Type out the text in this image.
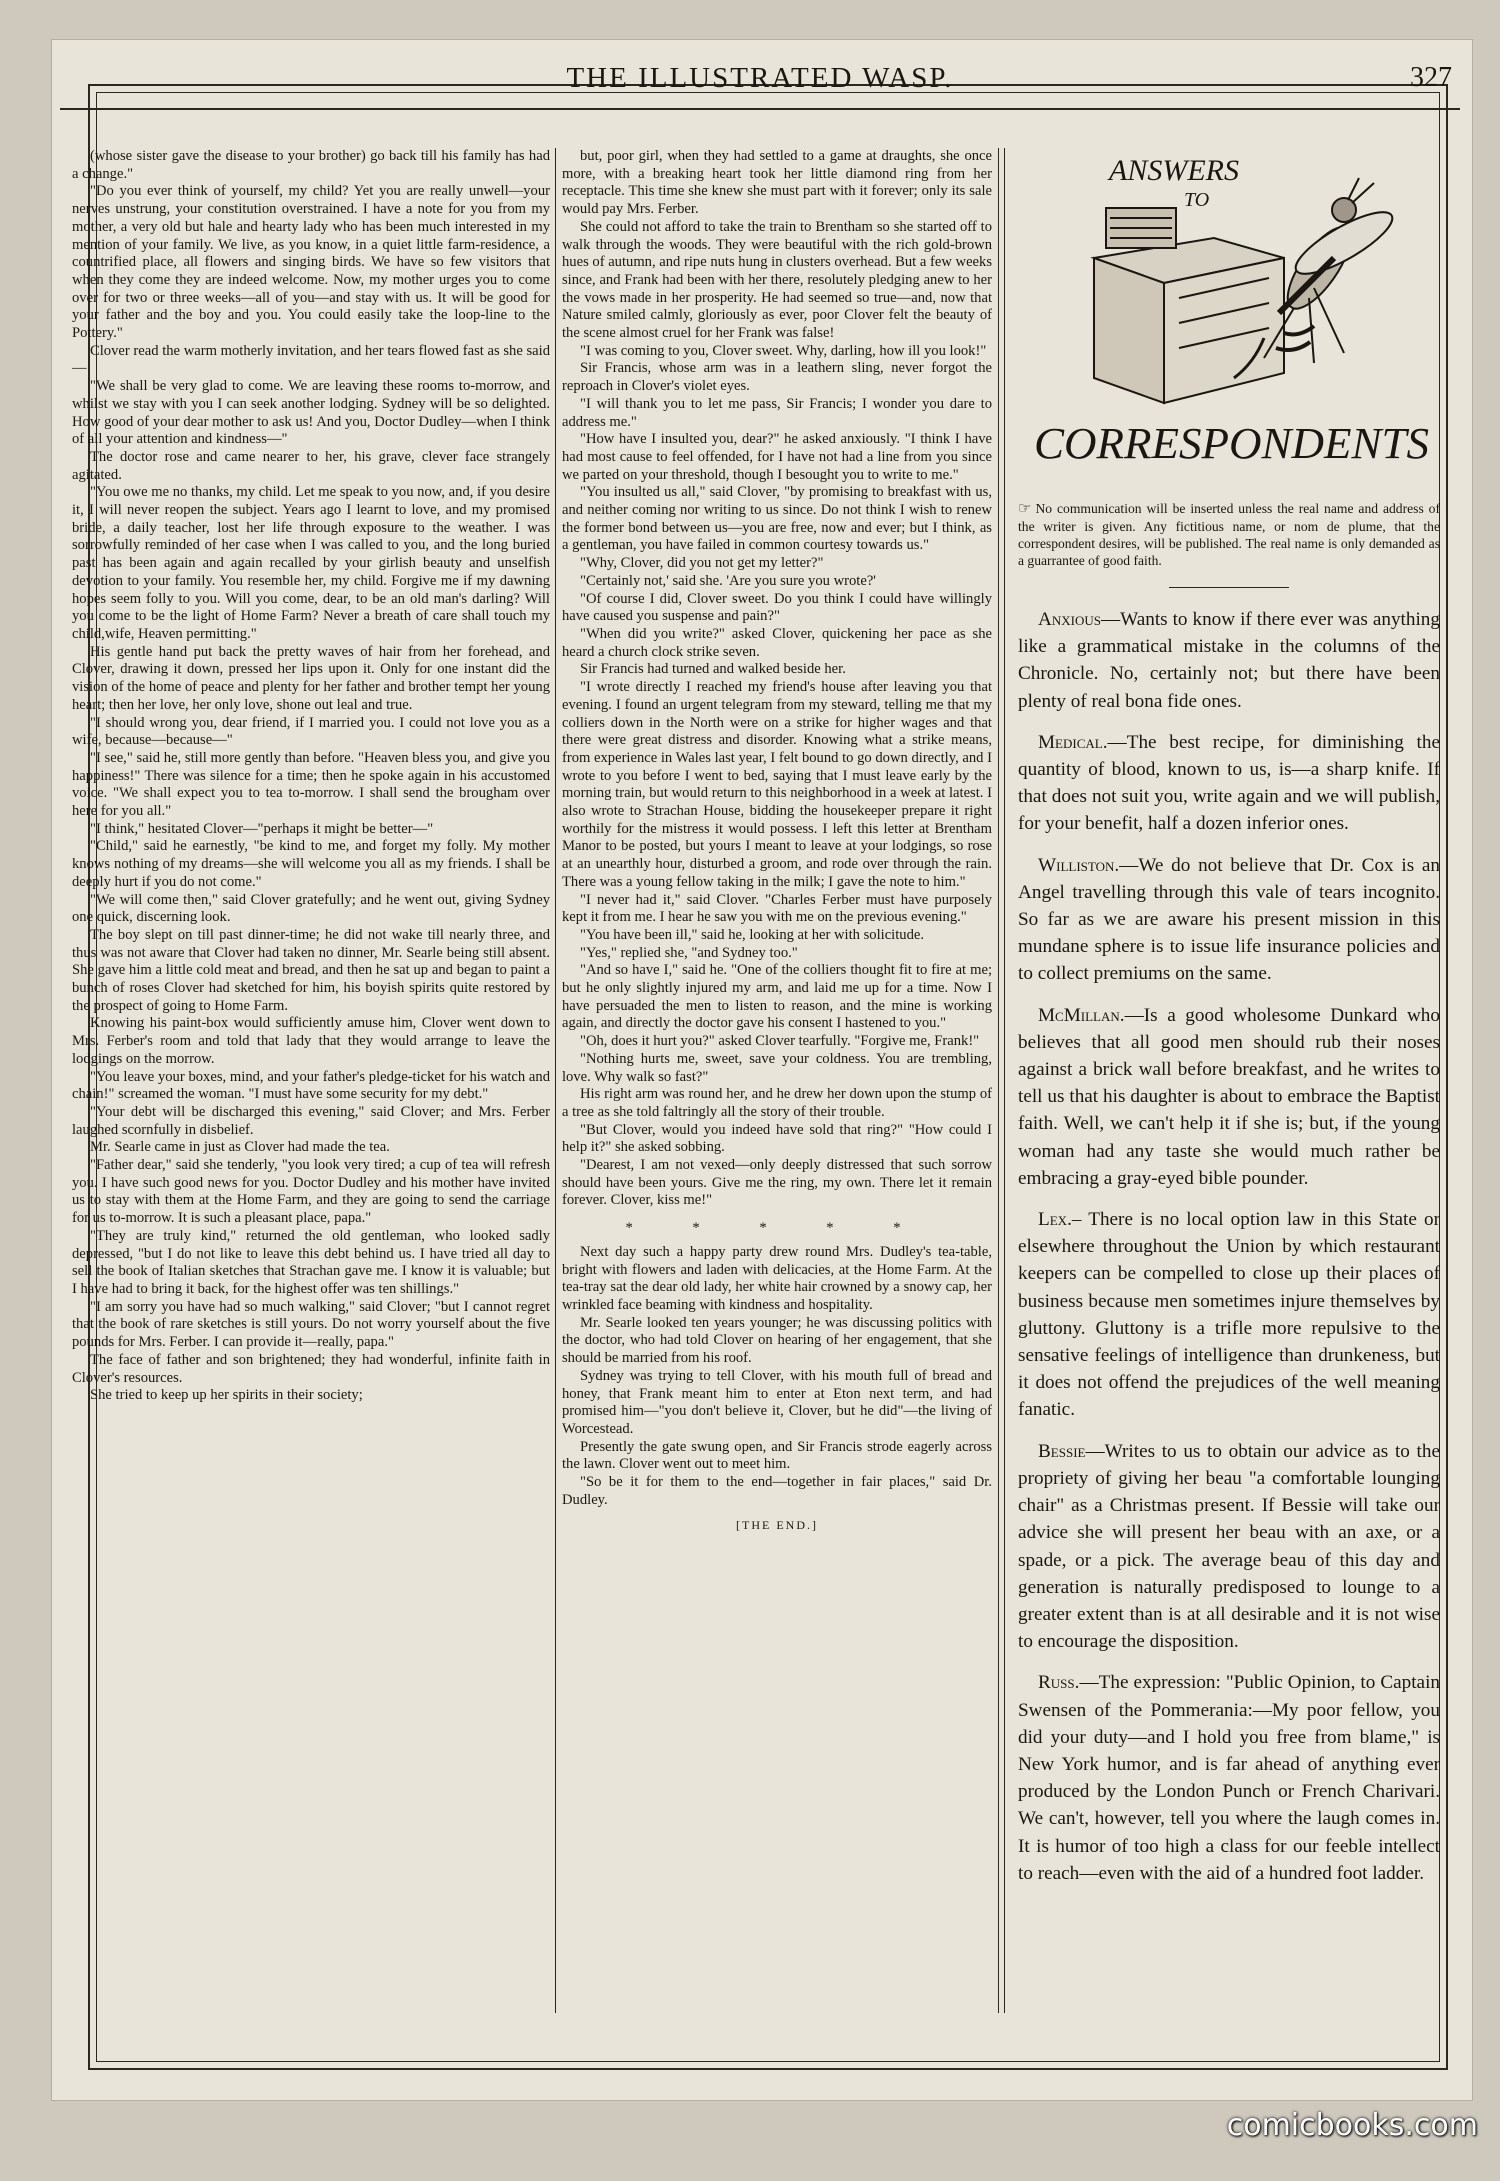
THE ILLUSTRATED WASP.	327

(whose sister gave the disease to your brother) go back till his family has had a change."

"Do you ever think of yourself, my child? Yet you are really unwell—your nerves unstrung, your constitution overstrained. I have a note for you from my mother, a very old but hale and hearty lady who has been much interested in my mention of your family. We live, as you know, in a quiet little farm-residence, a countrified place, all flowers and singing birds. We have so few visitors that when they come they are indeed welcome. Now, my mother urges you to come over for two or three weeks—all of you—and stay with us. It will be good for your father and the boy and you. You could easily take the loop-line to the Pottery."

Clover read the warm motherly invitation, and her tears flowed fast as she said—

"We shall be very glad to come. We are leaving these rooms to-morrow, and whilst we stay with you I can seek another lodging. Sydney will be so delighted. How good of your dear mother to ask us! And you, Doctor Dudley—when I think of all your attention and kindness—"

The doctor rose and came nearer to her, his grave, clever face strangely agitated.

"You owe me no thanks, my child. Let me speak to you now, and, if you desire it, I will never reopen the subject. Years ago I learnt to love, and my promised bride, a daily teacher, lost her life through exposure to the weather. I was sorrowfully reminded of her case when I was called to you, and the long buried past has been again and again recalled by your girlish beauty and unselfish devotion to your family. You resemble her, my child. Forgive me if my dawning hopes seem folly to you. Will you come, dear, to be an old man's darling? Will you come to be the light of Home Farm? Never a breath of care shall touch my child,wife, Heaven permitting."

His gentle hand put back the pretty waves of hair from her forehead, and Clover, drawing it down, pressed her lips upon it. Only for one instant did the vision of the home of peace and plenty for her father and brother tempt her young heart; then her love, her only love, shone out leal and true.

"I should wrong you, dear friend, if I married you. I could not love you as a wife, because—because—"

"I see," said he, still more gently than before. "Heaven bless you, and give you happiness!" There was silence for a time; then he spoke again in his accustomed voice. "We shall expect you to tea to-morrow. I shall send the brougham over here for you all."

"I think," hesitated Clover—"perhaps it might be better—"

"Child," said he earnestly, "be kind to me, and forget my folly. My mother knows nothing of my dreams—she will welcome you all as my friends. I shall be deeply hurt if you do not come."

"We will come then," said Clover gratefully; and he went out, giving Sydney one quick, discerning look.

The boy slept on till past dinner-time; he did not wake till nearly three, and thus was not aware that Clover had taken no dinner, Mr. Searle being still absent. She gave him a little cold meat and bread, and then he sat up and began to paint a bunch of roses Clover had sketched for him, his boyish spirits quite restored by the prospect of going to Home Farm.

Knowing his paint-box would sufficiently amuse him, Clover went down to Mrs. Ferber's room and told that lady that they would arrange to leave the lodgings on the morrow.

"You leave your boxes, mind, and your father's pledge-ticket for his watch and chain!" screamed the woman. "I must have some security for my debt."

"Your debt will be discharged this evening," said Clover; and Mrs. Ferber laughed scornfully in disbelief.

Mr. Searle came in just as Clover had made the tea.

"Father dear," said she tenderly, "you look very tired; a cup of tea will refresh you. I have such good news for you. Doctor Dudley and his mother have invited us to stay with them at the Home Farm, and they are going to send the carriage for us to-morrow. It is such a pleasant place, papa."

"They are truly kind," returned the old gentleman, who looked sadly depressed, "but I do not like to leave this debt behind us. I have tried all day to sell the book of Italian sketches that Strachan gave me. I know it is valuable; but I have had to bring it back, for the highest offer was ten shillings."

"I am sorry you have had so much walking," said Clover; "but I cannot regret that the book of rare sketches is still yours. Do not worry yourself about the five pounds for Mrs. Ferber. I can provide it—really, papa."

The face of father and son brightened; they had wonderful, infinite faith in Clover's resources.

She tried to keep up her spirits in their society;

but, poor girl, when they had settled to a game at draughts, she once more, with a breaking heart took her little diamond ring from her receptacle. This time she knew she must part with it forever; only its sale would pay Mrs. Ferber.

She could not afford to take the train to Brentham so she started off to walk through the woods. They were beautiful with the rich gold-brown hues of autumn, and ripe nuts hung in clusters overhead. But a few weeks since, and Frank had been with her there, resolutely pledging anew to her the vows made in her prosperity. He had seemed so true—and, now that Nature smiled calmly, gloriously as ever, poor Clover felt the beauty of the scene almost cruel for her Frank was false!

"I was coming to you, Clover sweet. Why, darling, how ill you look!"

Sir Francis, whose arm was in a leathern sling, never forgot the reproach in Clover's violet eyes.

"I will thank you to let me pass, Sir Francis; I wonder you dare to address me."

"How have I insulted you, dear?" he asked anxiously. "I think I have had most cause to feel offended, for I have not had a line from you since we parted on your threshold, though I besought you to write to me."

"You insulted us all," said Clover, "by promising to breakfast with us, and neither coming nor writing to us since. Do not think I wish to renew the former bond between us—you are free, now and ever; but I think, as a gentleman, you have failed in common courtesy towards us."

"Why, Clover, did you not get my letter?"

"Certainly not,' said she. 'Are you sure you wrote?'

"Of course I did, Clover sweet. Do you think I could have willingly have caused you suspense and pain?"

"When did you write?" asked Clover, quickening her pace as she heard a church clock strike seven.

Sir Francis had turned and walked beside her.

"I wrote directly I reached my friend's house after leaving you that evening. I found an urgent telegram from my steward, telling me that my colliers down in the North were on a strike for higher wages and that there were great distress and disorder. Knowing what a strike means, from experience in Wales last year, I felt bound to go down directly, and I wrote to you before I went to bed, saying that I must leave early by the morning train, but would return to this neighborhood in a week at latest. I also wrote to Strachan House, bidding the housekeeper prepare it right worthily for the mistress it would possess. I left this letter at Brentham Manor to be posted, but yours I meant to leave at your lodgings, so rose at an unearthly hour, disturbed a groom, and rode over through the rain. There was a young fellow taking in the milk; I gave the note to him."

"I never had it," said Clover. "Charles Ferber must have purposely kept it from me. I hear he saw you with me on the previous evening."

"You have been ill," said he, looking at her with solicitude.

"Yes," replied she, "and Sydney too."

"And so have I," said he. "One of the colliers thought fit to fire at me; but he only slightly injured my arm, and laid me up for a time. Now I have persuaded the men to listen to reason, and the mine is working again, and directly the doctor gave his consent I hastened to you."

"Oh, does it hurt you?" asked Clover tearfully. "Forgive me, Frank!"

"Nothing hurts me, sweet, save your coldness. You are trembling, love. Why walk so fast?"

His right arm was round her, and he drew her down upon the stump of a tree as she told faltringly all the story of their trouble.

"But Clover, would you indeed have sold that ring?" "How could I help it?" she asked sobbing.

"Dearest, I am not vexed—only deeply distressed that such sorrow should have been yours. Give me the ring, my own. There let it remain forever. Clover, kiss me!"

* * * * *

Next day such a happy party drew round Mrs. Dudley's tea-table, bright with flowers and laden with delicacies, at the Home Farm. At the tea-tray sat the dear old lady, her white hair crowned by a snowy cap, her wrinkled face beaming with kindness and hospitality.

Mr. Searle looked ten years younger; he was discussing politics with the doctor, who had told Clover on hearing of her engagement, that she should be married from his roof.

Sydney was trying to tell Clover, with his mouth full of bread and honey, that Frank meant him to enter at Eton next term, and had promised him—"you don't believe it, Clover, but he did"—the living of Worcestead.

Presently the gate swung open, and Sir Francis strode eagerly across the lawn. Clover went out to meet him.

"So be it for them to the end—together in fair places," said Dr. Dudley.

[THE END.]
ANSWERS
TO
CORRESPONDENTS
☞ No communication will be inserted unless the real name and address of the writer is given. Any fictitious name, or nom de plume, that the correspondent desires, will be published. The real name is only demanded as a guarrantee of good faith.

Anxious—Wants to know if there ever was anything like a grammatical mistake in the columns of the Chronicle. No, certainly not; but there have been plenty of real bona fide ones.

Medical.—The best recipe, for diminishing the quantity of blood, known to us, is—a sharp knife. If that does not suit you, write again and we will publish, for your benefit, half a dozen inferior ones.

Williston.—We do not believe that Dr. Cox is an Angel travelling through this vale of tears incognito. So far as we are aware his present mission in this mundane sphere is to issue life insurance policies and to collect premiums on the same.

McMillan.—Is a good wholesome Dunkard who believes that all good men should rub their noses against a brick wall before breakfast, and he writes to tell us that his daughter is about to embrace the Baptist faith. Well, we can't help it if she is; but, if the young woman had any taste she would much rather be embracing a gray-eyed bible pounder.

Lex.– There is no local option law in this State or elsewhere throughout the Union by which restaurant keepers can be compelled to close up their places of business because men sometimes injure themselves by gluttony. Gluttony is a trifle more repulsive to the sensative feelings of intelligence than drunkeness, but it does not offend the prejudices of the well meaning fanatic.

Bessie—Writes to us to obtain our advice as to the propriety of giving her beau "a comfortable lounging chair" as a Christmas present. If Bessie will take our advice she will present her beau with an axe, or a spade, or a pick. The average beau of this day and generation is naturally predisposed to lounge to a greater extent than is at all desirable and it is not wise to encourage the disposition.

Russ.—The expression: "Public Opinion, to Captain Swensen of the Pommerania:—My poor fellow, you did your duty—and I hold you free from blame," is New York humor, and is far ahead of anything ever produced by the London Punch or French Charivari. We can't, however, tell you where the laugh comes in. It is humor of too high a class for our feeble intellect to reach—even with the aid of a hundred foot ladder.

comicbooks.com
